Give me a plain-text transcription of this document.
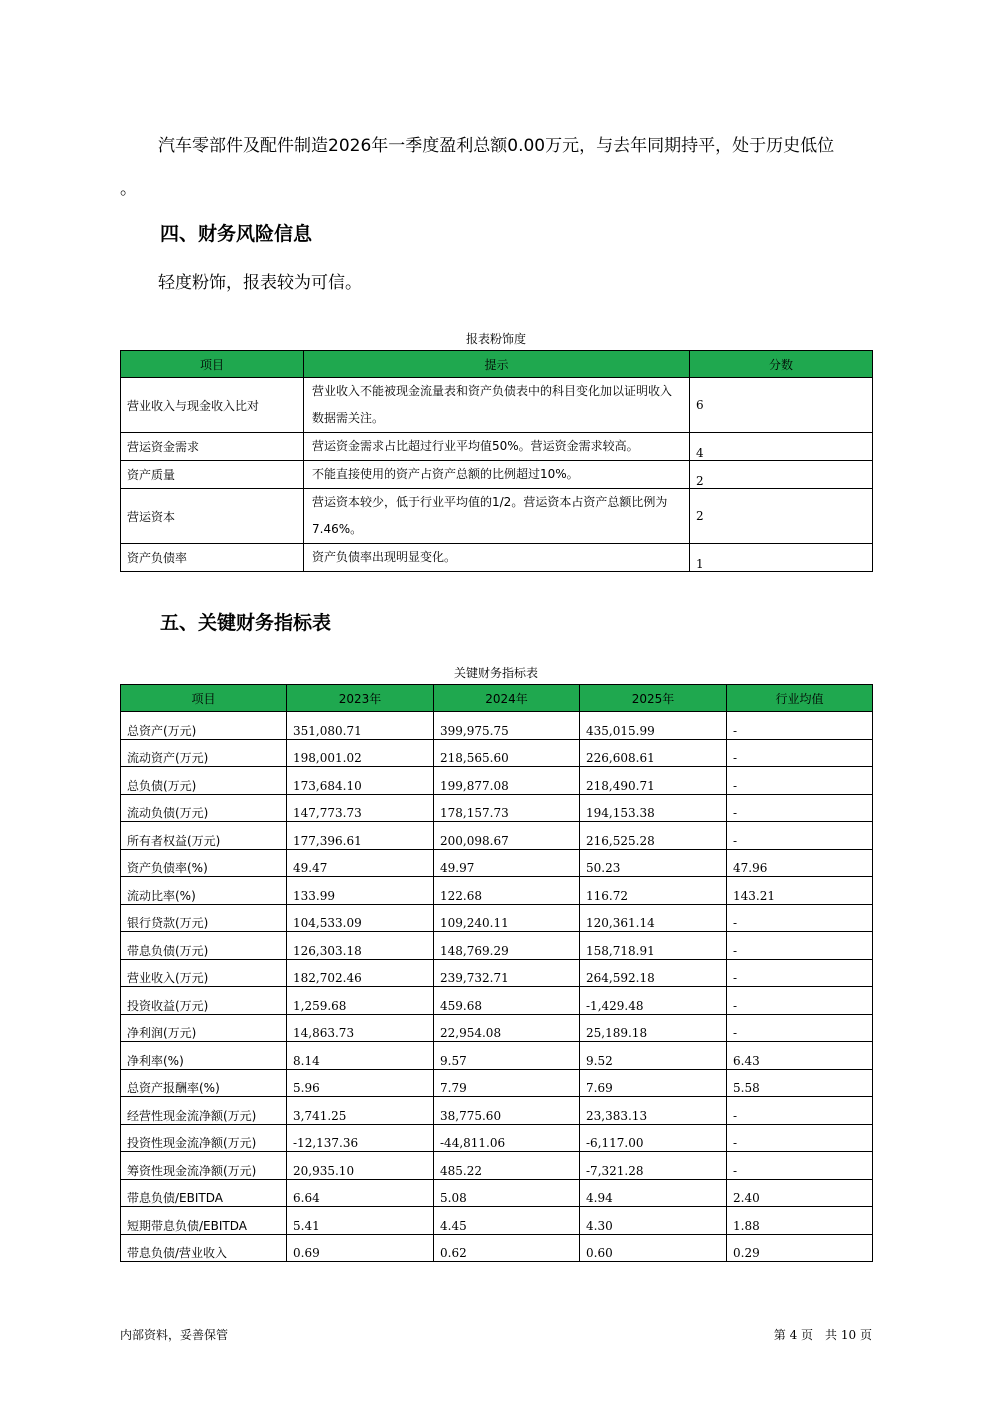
汽车零部件及配件制造2026年一季度盈利总额0.00万元，与去年同期持平，处于历史低位
。
四、财务风险信息
轻度粉饰，报表较为可信。
报表粉饰度
项目	提示	分数
营业收入与现金收入比对	营业收入不能被现金流量表和资产负债表中的科目变化加以证明收入数据需关注。	6
营运资金需求	营运资金需求占比超过行业平均值50%。营运资金需求较高。	4
资产质量	不能直接使用的资产占资产总额的比例超过10%。	2
营运资本	营运资本较少，低于行业平均值的1/2。营运资本占资产总额比例为7.46%。	2
资产负债率	资产负债率出现明显变化。	1
五、关键财务指标表
关键财务指标表
项目	2023年	2024年	2025年	行业均值
总资产(万元)	351,080.71	399,975.75	435,015.99	-
流动资产(万元)	198,001.02	218,565.60	226,608.61	-
总负债(万元)	173,684.10	199,877.08	218,490.71	-
流动负债(万元)	147,773.73	178,157.73	194,153.38	-
所有者权益(万元)	177,396.61	200,098.67	216,525.28	-
资产负债率(%)	49.47	49.97	50.23	47.96
流动比率(%)	133.99	122.68	116.72	143.21
银行贷款(万元)	104,533.09	109,240.11	120,361.14	-
带息负债(万元)	126,303.18	148,769.29	158,718.91	-
营业收入(万元)	182,702.46	239,732.71	264,592.18	-
投资收益(万元)	1,259.68	459.68	-1,429.48	-
净利润(万元)	14,863.73	22,954.08	25,189.18	-
净利率(%)	8.14	9.57	9.52	6.43
总资产报酬率(%)	5.96	7.79	7.69	5.58
经营性现金流净额(万元)	3,741.25	38,775.60	23,383.13	-
投资性现金流净额(万元)	-12,137.36	-44,811.06	-6,117.00	-
筹资性现金流净额(万元)	20,935.10	485.22	-7,321.28	-
带息负债/EBITDA	6.64	5.08	4.94	2.40
短期带息负债/EBITDA	5.41	4.45	4.30	1.88
带息负债/营业收入	0.69	0.62	0.60	0.29
内部资料，妥善保管	第 4 页　共 10 页
